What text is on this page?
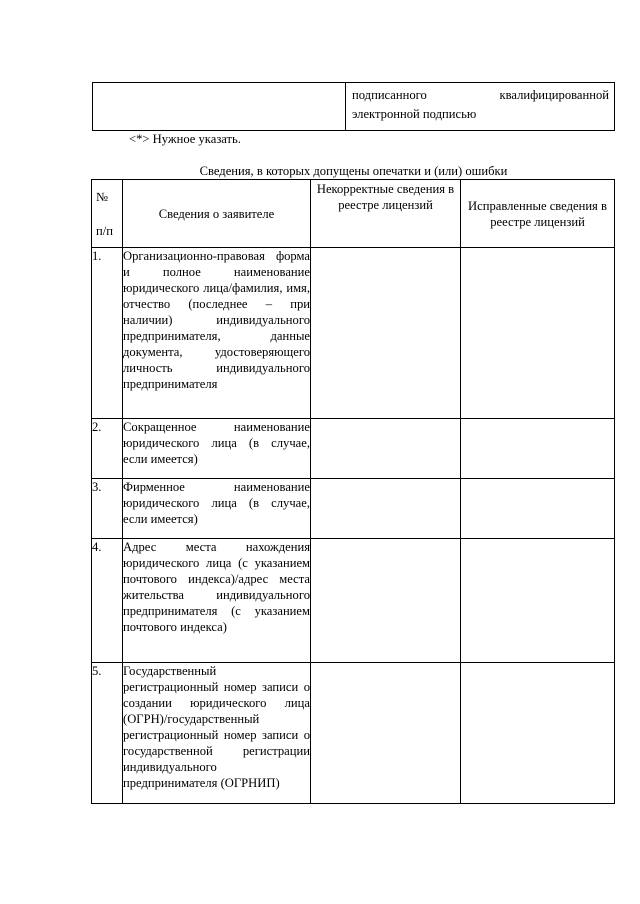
подписанного квалифицированной электронной подписью
<*> Нужное указать.
Сведения, в которых допущены опечатки и (или) ошибки
№
п/п	Сведения о заявителе	Некорректные сведения в реестре лицензий	Исправленные сведения в реестре лицензий

1.	Организационно-правовая форма и полное наименование юридического лица/фамилия, имя, отчество (последнее – при наличии) индивидуального предпринимателя, данные документа, удостоверяющего личность индивидуального предпринимателя		
2.	Сокращенное наименование юридического лица (в случае, если имеется)		
3.	Фирменное наименование юридического лица (в случае, если имеется)		
4.	Адрес места нахождения юридического лица (с указанием почтового индекса)/адрес места жительства индивидуального предпринимателя (с указанием почтового индекса)		
5.	Государственный регистрационный номер записи о создании юридического лица (ОГРН)/государственный регистрационный номер записи о государственной регистрации индивидуального предпринимателя (ОГРНИП)		
